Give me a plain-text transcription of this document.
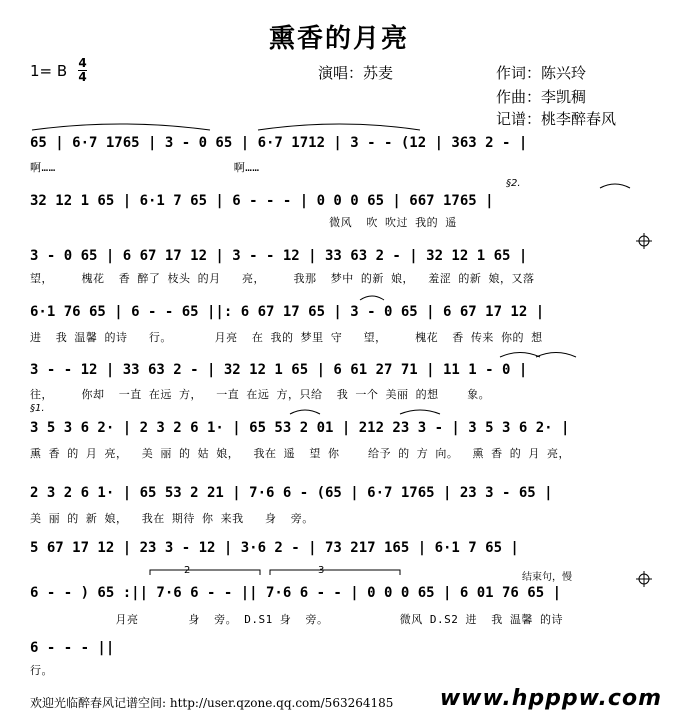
熏香的月亮
1= B 4
4	演唱：苏麦	作词：陈兴玲
作曲：李凯稠
记谱：桃李醉春风
65 | 6·7 1765 | 3 - 0 65 | 6·7 1712 | 3 - - (12 | 363 2 - |
啊……                         啊……
§2.
32 12 1 65 | 6·1 7 65 | 6 - - - | 0 0 0 65 | 667 1765 |
微风  吹 吹过 我的 遥
3 - 0 65 | 6 67 17 12 | 3 - - 12 | 33 63 2 - | 32 12 1 65 |
望，    槐花  香 醉了 枝头 的月   亮，    我那  梦中 的新 娘，  羞涩 的新 娘，又落
6·1 76 65 | 6 - - 65 ||: 6 67 17 65 | 3 - 0 65 | 6 67 17 12 |
进  我 温馨 的诗   行。      月亮  在 我的 梦里 守   望，    槐花  香 传来 你的 想
3 - - 12 | 33 63 2 - | 32 12 1 65 | 6 61 27 71 | 11 1 - 0 |
往，    你却  一直 在远 方，  一直 在远 方，只给  我 一个 美丽 的想    象。
§1.
3 5 3 6 2· | 2 3 2 6 1· | 65 53 2 01 | 212 23 3 - | 3 5 3 6 2· |
熏 香 的 月 亮，  美 丽 的 姑 娘，  我在 遥  望 你    给予 的 方 向。  熏 香 的 月 亮，
2 3 2 6 1· | 65 53 2 21 | 7·6 6 - (65 | 6·7 1765 | 23 3 - 65 |
美 丽 的 新 娘，  我在 期待 你 来我   身  旁。
5 67 17 12 | 23 3 - 12 | 3·6 2 - | 73 217 165 | 6·1 7 65 |
2	3
结束句，慢
6 - - ) 65 :|| 7·6 6 - - || 7·6 6 - - | 0 0 0 65 | 6 01 76 65 |
月亮       身  旁。 D.S1 身  旁。          微风 D.S2 进  我 温馨 的诗
6 - - - ||
行。
欢迎光临醉春风记谱空间: http://user.qzone.qq.com/563264185 www.hpppw.com
